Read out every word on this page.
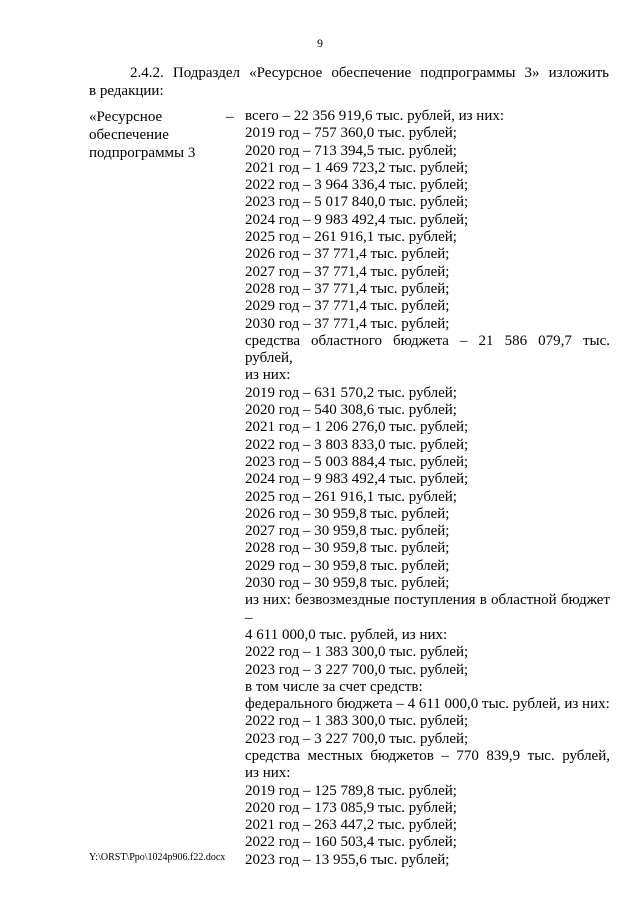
9
2.4.2. Подраздел «Ресурсное обеспечение подпрограммы 3» изложить
в редакции:
«Ресурсное
обеспечение
подпрограммы 3
– всего – 22 356 919,6 тыс. рублей, из них:
2019 год – 757 360,0 тыс. рублей;
2020 год – 713 394,5 тыс. рублей;
2021 год – 1 469 723,2 тыс. рублей;
2022 год – 3 964 336,4 тыс. рублей;
2023 год – 5 017 840,0 тыс. рублей;
2024 год – 9 983 492,4 тыс. рублей;
2025 год – 261 916,1 тыс. рублей;
2026 год – 37 771,4 тыс. рублей;
2027 год – 37 771,4 тыс. рублей;
2028 год – 37 771,4 тыс. рублей;
2029 год – 37 771,4 тыс. рублей;
2030 год – 37 771,4 тыс. рублей;
средства областного бюджета – 21 586 079,7 тыс. рублей,
из них:
2019 год – 631 570,2 тыс. рублей;
2020 год – 540 308,6 тыс. рублей;
2021 год – 1 206 276,0 тыс. рублей;
2022 год – 3 803 833,0 тыс. рублей;
2023 год – 5 003 884,4 тыс. рублей;
2024 год – 9 983 492,4 тыс. рублей;
2025 год – 261 916,1 тыс. рублей;
2026 год – 30 959,8 тыс. рублей;
2027 год – 30 959,8 тыс. рублей;
2028 год – 30 959,8 тыс. рублей;
2029 год – 30 959,8 тыс. рублей;
2030 год – 30 959,8 тыс. рублей;
из них: безвозмездные поступления в областной бюджет –
4 611 000,0 тыс. рублей, из них:
2022 год – 1 383 300,0 тыс. рублей;
2023 год – 3 227 700,0 тыс. рублей;
в том числе за счет средств:
федерального бюджета – 4 611 000,0 тыс. рублей, из них:
2022 год – 1 383 300,0 тыс. рублей;
2023 год – 3 227 700,0 тыс. рублей;
средства местных бюджетов – 770 839,9 тыс. рублей,
из них:
2019 год – 125 789,8 тыс. рублей;
2020 год – 173 085,9 тыс. рублей;
2021 год – 263 447,2 тыс. рублей;
2022 год – 160 503,4 тыс. рублей;
2023 год – 13 955,6 тыс. рублей;
Y:\ORST\Ppo\1024p906.f22.docx
